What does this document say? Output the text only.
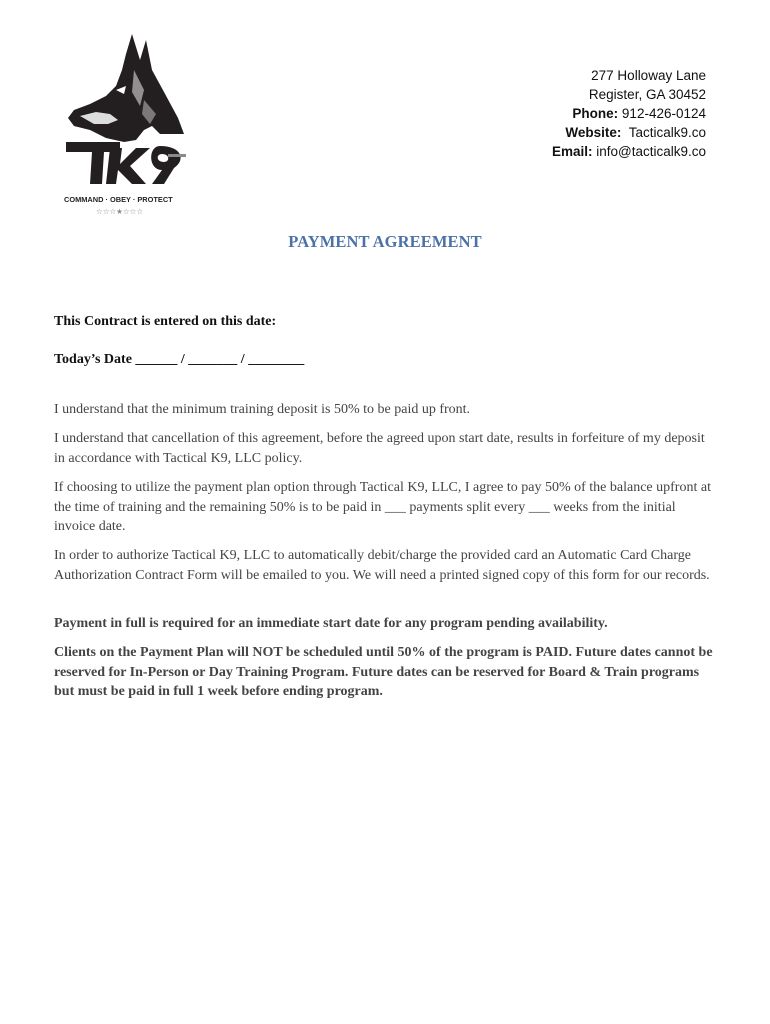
COMMAND · OBEY · PROTECT
☆☆☆★☆☆☆
277 Holloway Lane
Register, GA 30452
Phone: 912-426-0124
Website: Tacticalk9.co
Email: info@tacticalk9.co
PAYMENT AGREEMENT
This Contract is entered on this date:
Today’s Date ______ / _______ / ________
I understand that the minimum training deposit is 50% to be paid up front.
I understand that cancellation of this agreement, before the agreed upon start date, results in forfeiture of my deposit in accordance with Tactical K9, LLC policy.
If choosing to utilize the payment plan option through Tactical K9, LLC, I agree to pay 50% of the balance upfront at the time of training and the remaining 50% is to be paid in ___ payments split every ___ weeks from the initial invoice date.
In order to authorize Tactical K9, LLC to automatically debit/charge the provided card an Automatic Card Charge Authorization Contract Form will be emailed to you. We will need a printed signed copy of this form for our records.
Payment in full is required for an immediate start date for any program pending availability.
Clients on the Payment Plan will NOT be scheduled until 50% of the program is PAID. Future dates cannot be reserved for In-Person or Day Training Program. Future dates can be reserved for Board & Train programs but must be paid in full 1 week before ending program.
